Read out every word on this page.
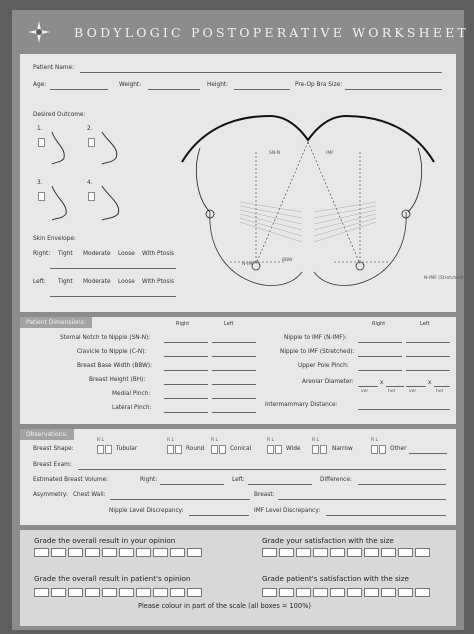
BODYLOGIC POSTOPERATIVE WORKSHEET
Patient Name:
Age:	Weight:	Height:	Pre-Op Bra Size:
Desired Outcome:
1.	2.
3.	4.
Skin Envelope:
Right: Tight Moderate Loose With Ptosis
Left: Tight Moderate Loose With Ptosis
SN-N	IMF
BBW
N-IMF
N-IMF (Stretched)
Patient Dimensions:	Right	Left	Right	Left
Sternal Notch to Nipple (SN-N):
Clavicle to Nipple (C-N):
Breast Base Width (BBW):
Breast Height (BH):
Medial Pinch:
Lateral Pinch:
Nipple to IMF (N-IMF):
Nipple to IMF (Stretched):
Upper Pole Pinch:
Areolar Diameter:
Intermammary Distance:
x	x
ver	hor	ver	hor
Observations:
Breast Shape:
R L
Tubular
R L
Round
R L
Conical
R L
Wide
R L
Narrow
R L
Other
Breast Exam:
Estimated Breast Volume:	Right:	Left:	Difference:
Asymmetry: Chest Wall:	Breast:
Nipple Level Discrepancy:	IMF Level Discrepancy:
Grade the overall result in your opinion	Grade your satisfaction with the size
Grade the overall result in patient's opinion	Grade patient's satisfaction with the size
Please colour in part of the scale (all boxes = 100%)
